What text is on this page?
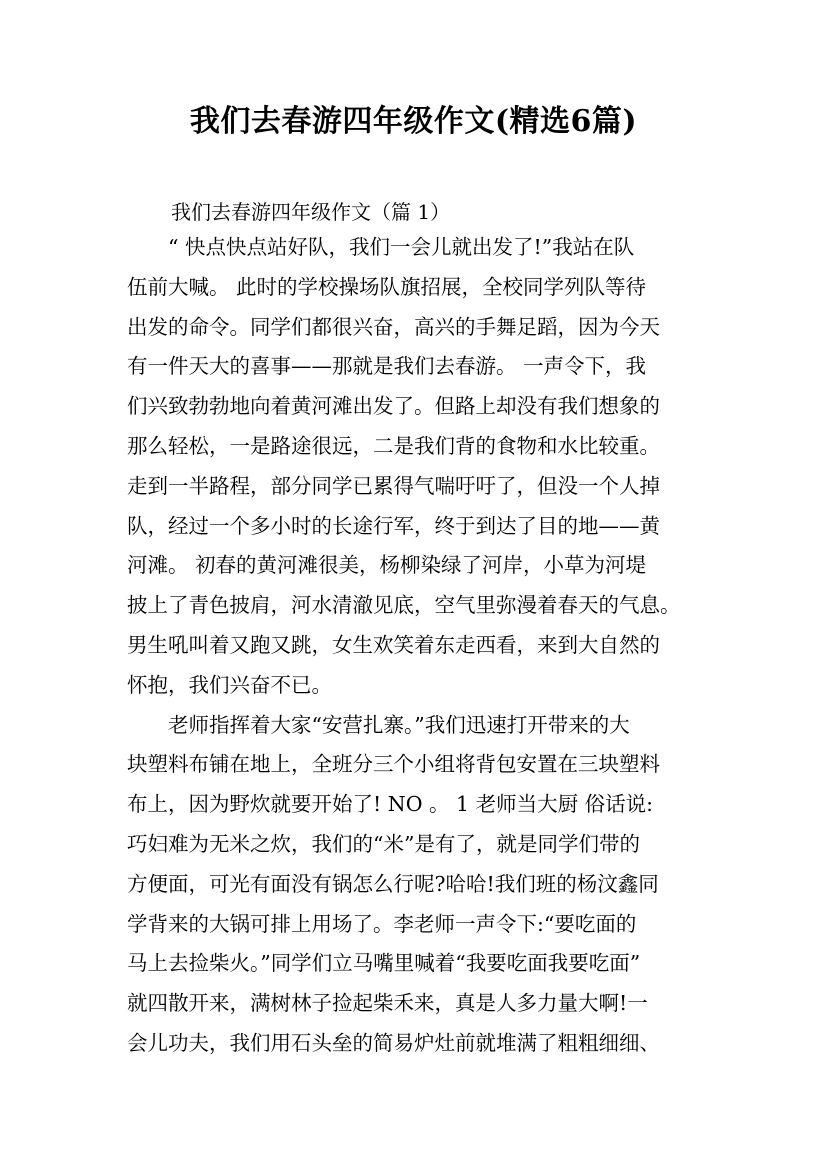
我们去春游四年级作文(精选6篇)
我们去春游四年级作文（篇 1）
　　“ 快点快点站好队，我们一会儿就出发了!”我站在队
伍前大喊。 此时的学校操场队旗招展，全校同学列队等待
出发的命令。同学们都很兴奋，高兴的手舞足蹈，因为今天
有一件天大的喜事——那就是我们去春游。 一声令下，我
们兴致勃勃地向着黄河滩出发了。但路上却没有我们想象的
那么轻松，一是路途很远，二是我们背的食物和水比较重。
走到一半路程，部分同学已累得气喘吁吁了，但没一个人掉
队，经过一个多小时的长途行军，终于到达了目的地——黄
河滩。 初春的黄河滩很美，杨柳染绿了河岸，小草为河堤
披上了青色披肩，河水清澈见底，空气里弥漫着春天的气息。
男生吼叫着又跑又跳，女生欢笑着东走西看，来到大自然的
怀抱，我们兴奋不已。
　　老师指挥着大家“安营扎寨。”我们迅速打开带来的大
块塑料布铺在地上，全班分三个小组将背包安置在三块塑料
布上，因为野炊就要开始了! NO 。 1 老师当大厨 俗话说:
巧妇难为无米之炊，我们的“米”是有了，就是同学们带的
方便面，可光有面没有锅怎么行呢?哈哈!我们班的杨汶鑫同
学背来的大锅可排上用场了。李老师一声令下:“要吃面的
马上去捡柴火。”同学们立马嘴里喊着“我要吃面我要吃面”
就四散开来，满树林子捡起柴禾来，真是人多力量大啊!一
会儿功夫，我们用石头垒的简易炉灶前就堆满了粗粗细细、
